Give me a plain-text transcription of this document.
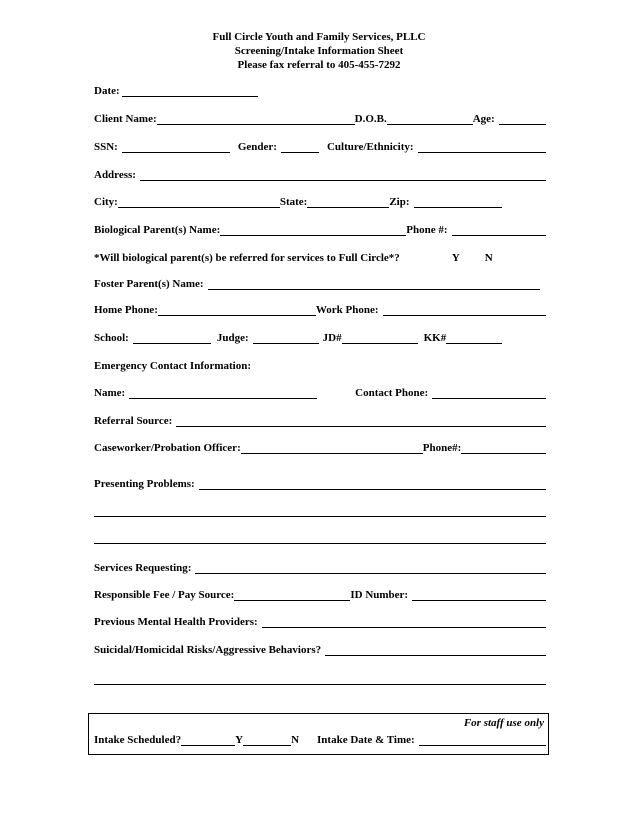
Full Circle Youth and Family Services, PLLC
Screening/Intake Information Sheet
Please fax referral to 405-455-7292
Date:
Client Name:	D.O.B.	Age:
SSN:	Gender:	Culture/Ethnicity:
Address:
City:	State:	Zip:
Biological Parent(s) Name:	Phone #:
*Will biological parent(s) be referred for services to Full Circle*?	Y N
Foster Parent(s) Name:
Home Phone:	Work Phone:
School:	Judge:	JD#	KK#
Emergency Contact Information:
Name:	Contact Phone:
Referral Source:
Caseworker/Probation Officer:	Phone#:
Presenting Problems:
Services Requesting:
Responsible Fee / Pay Source:	ID Number:
Previous Mental Health Providers:
Suicidal/Homicidal Risks/Aggressive Behaviors?
For staff use only
Intake Scheduled?	Y	N Intake Date & Time:
